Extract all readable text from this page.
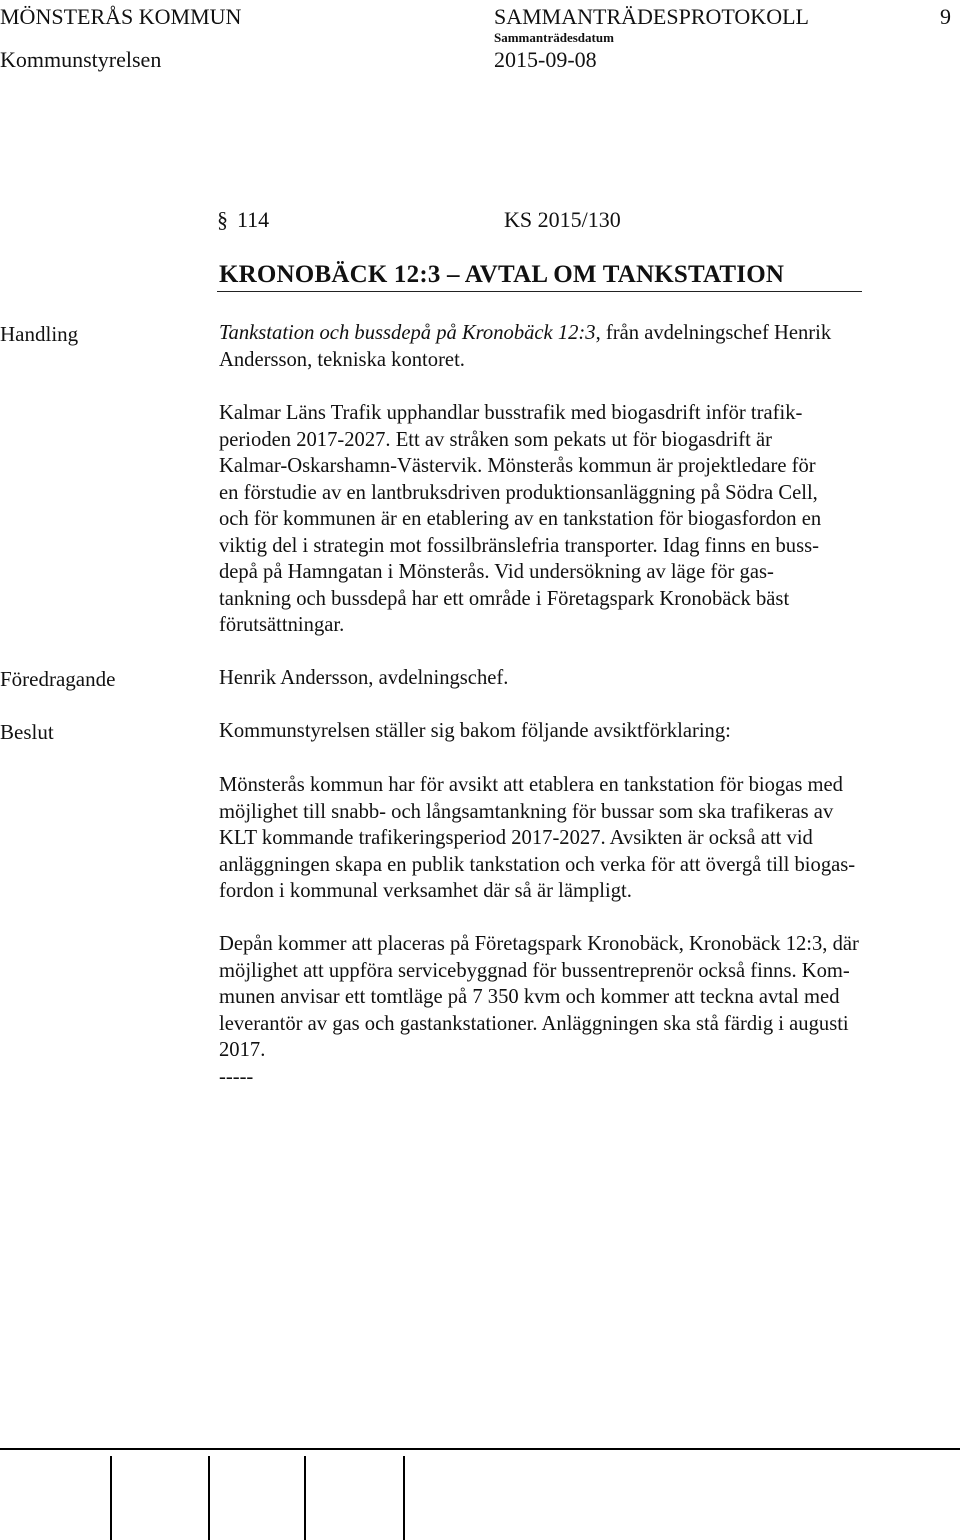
MÖNSTERÅS KOMMUN	SAMMANTRÄDESPROTOKOLL	9
Sammanträdesdatum
Kommunstyrelsen	2015-09-08
§ 114	KS 2015/130
KRONOBÄCK 12:3 – AVTAL OM TANKSTATION
Handling	Tankstation och bussdepå på Kronobäck 12:3, från avdelningschef Henrik
Andersson, tekniska kontoret.
Kalmar Läns Trafik upphandlar busstrafik med biogasdrift inför trafik-
perioden 2017-2027. Ett av stråken som pekats ut för biogasdrift är
Kalmar-Oskarshamn-Västervik. Mönsterås kommun är projektledare för
en förstudie av en lantbruksdriven produktionsanläggning på Södra Cell,
och för kommunen är en etablering av en tankstation för biogasfordon en
viktig del i strategin mot fossilbränslefria transporter. Idag finns en buss-
depå på Hamngatan i Mönsterås. Vid undersökning av läge för gas-
tankning och bussdepå har ett område i Företagspark Kronobäck bäst
förutsättningar.
Föredragande	Henrik Andersson, avdelningschef.
Beslut	Kommunstyrelsen ställer sig bakom följande avsiktförklaring:
Mönsterås kommun har för avsikt att etablera en tankstation för biogas med
möjlighet till snabb- och långsamtankning för bussar som ska trafikeras av
KLT kommande trafikeringsperiod 2017-2027. Avsikten är också att vid
anläggningen skapa en publik tankstation och verka för att övergå till biogas-
fordon i kommunal verksamhet där så är lämpligt.
Depån kommer att placeras på Företagspark Kronobäck, Kronobäck 12:3, där
möjlighet att uppföra servicebyggnad för bussentreprenör också finns. Kom-
munen anvisar ett tomtläge på 7 350 kvm och kommer att teckna avtal med
leverantör av gas och gastankstationer. Anläggningen ska stå färdig i augusti
2017.
-----
